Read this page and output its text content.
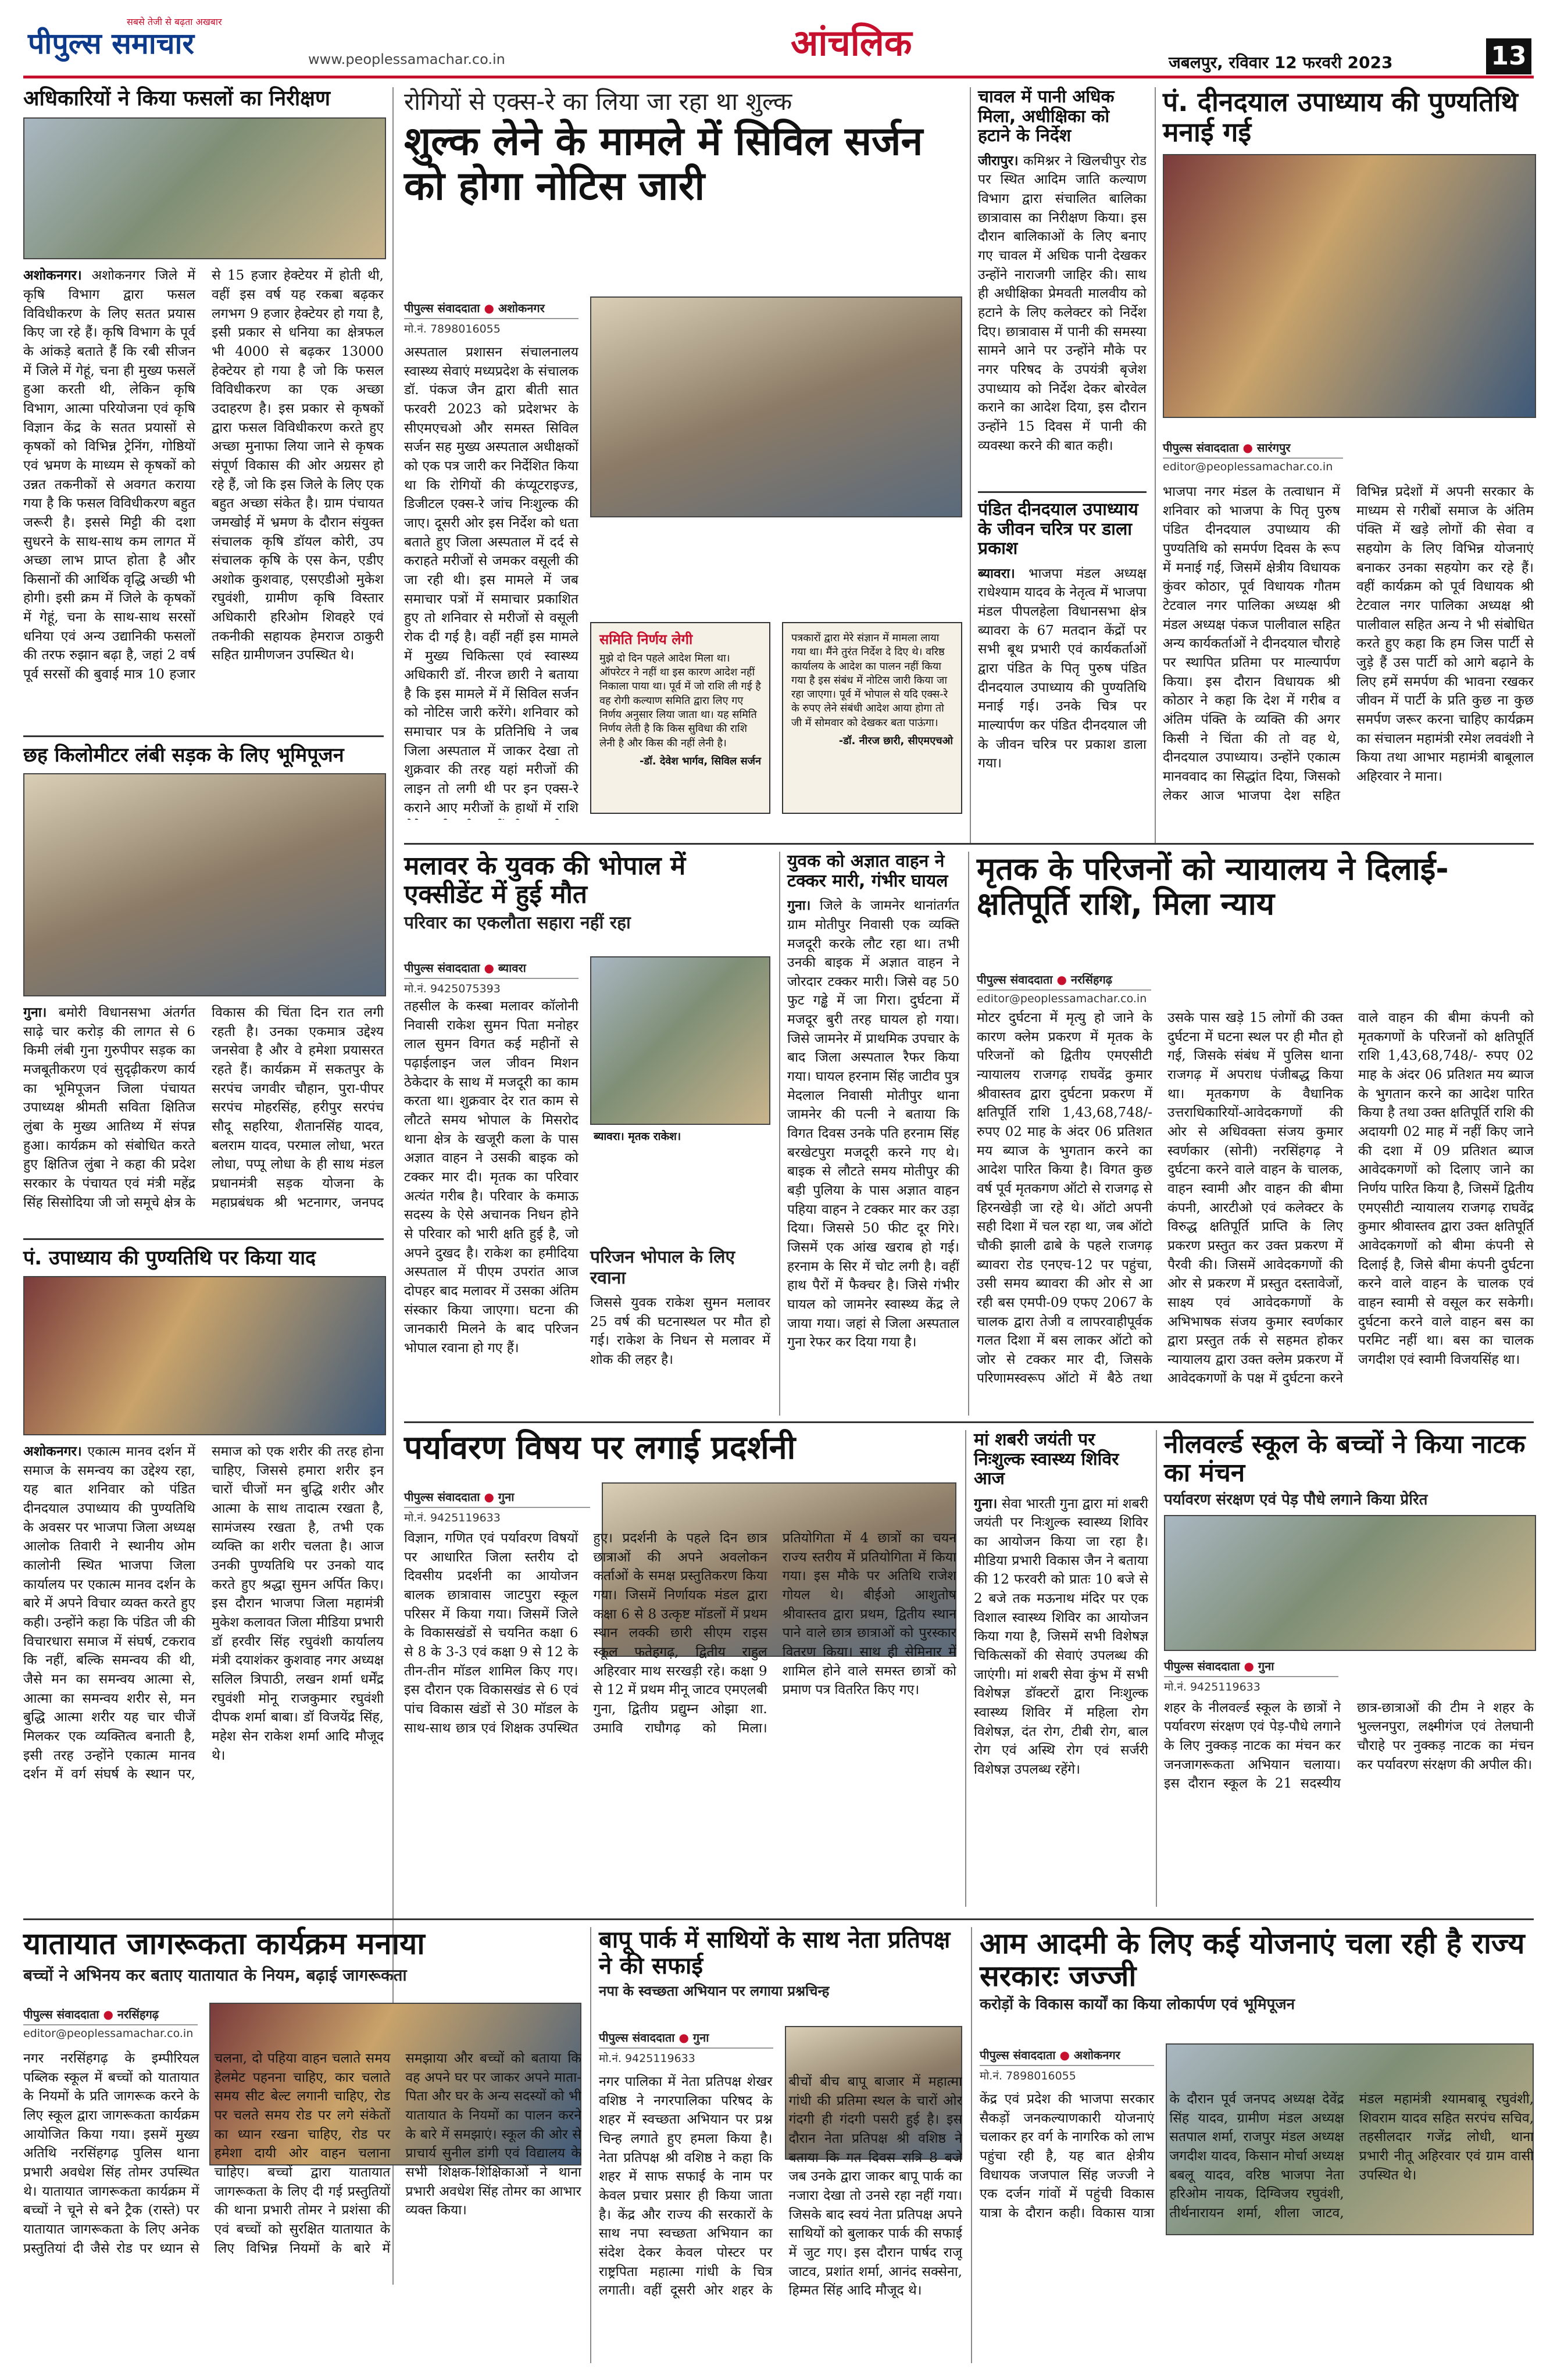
सबसे तेजी से बढ़ता अखबार
पीपुल्स समाचार	www.peoplessamachar.co.in	आंचलिक	जबलपुर, रविवार 12 फरवरी 2023	13
अधिकारियों ने किया फसलों का निरीक्षण
अशोकनगर। अशोकनगर जिले में कृषि विभाग द्वारा फसल विविधीकरण के लिए सतत प्रयास किए जा रहे हैं। कृषि विभाग के पूर्व के आंकड़े बताते हैं कि रबी सीजन में जिले में गेहूं, चना ही मुख्य फसलें हुआ करती थी, लेकिन कृषि विभाग, आत्मा परियोजना एवं कृषि विज्ञान केंद्र के सतत प्रयासों से कृषकों को विभिन्न ट्रेनिंग, गोष्ठियों एवं भ्रमण के माध्यम से कृषकों को उन्नत तकनीकों से अवगत कराया गया है कि फसल विविधीकरण बहुत जरूरी है। इससे मिट्टी की दशा सुधरने के साथ-साथ कम लागत में अच्छा लाभ प्राप्त होता है और किसानों की आर्थिक वृद्धि अच्छी भी होगी। इसी क्रम में जिले के कृषकों में गेहूं, चना के साथ-साथ सरसों धनिया एवं अन्य उद्यानिकी फसलों की तरफ रुझान बढ़ा है, जहां 2 वर्ष पूर्व सरसों की बुवाई मात्र 10 हजार से 15 हजार हेक्टेयर में होती थी, वहीं इस वर्ष यह रकबा बढ़कर लगभग 9 हजार हेक्टेयर हो गया है, इसी प्रकार से धनिया का क्षेत्रफल भी 4000 से बढ़कर 13000 हेक्टेयर हो गया है जो कि फसल विविधीकरण का एक अच्छा उदाहरण है। इस प्रकार से कृषकों द्वारा फसल विविधीकरण करते हुए अच्छा मुनाफा लिया जाने से कृषक संपूर्ण विकास की ओर अग्रसर हो रहे हैं, जो कि इस जिले के लिए एक बहुत अच्छा संकेत है। ग्राम पंचायत जमखोई में भ्रमण के दौरान संयुक्त संचालक कृषि डॉयल कोरी, उप संचालक कृषि के एस केन, एडीए अशोक कुशवाह, एसएडीओ मुकेश रघुवंशी, ग्रामीण कृषि विस्तार अधिकारी हरिओम शिवहरे एवं तकनीकी सहायक हेमराज ठाकुरी सहित ग्रामीणजन उपस्थित थे।
छह किलोमीटर लंबी सड़क के लिए भूमिपूजन
गुना। बमोरी विधानसभा अंतर्गत साढ़े चार करोड़ की लागत से 6 किमी लंबी गुना गुरुपीपर सड़क का मजबूतीकरण एवं सुदृढ़ीकरण कार्य का भूमिपूजन जिला पंचायत उपाध्यक्ष श्रीमती सविता क्षितिज लुंबा के मुख्य आतिथ्य में संपन्न हुआ। कार्यक्रम को संबोधित करते हुए क्षितिज लुंबा ने कहा की प्रदेश सरकार के पंचायत एवं मंत्री महेंद्र सिंह सिसोदिया जी जो समूचे क्षेत्र के विकास की चिंता दिन रात लगी रहती है। उनका एकमात्र उद्देश्य जनसेवा है और वे हमेशा प्रयासरत रहते हैं। कार्यक्रम में सकतपुर के सरपंच जगवीर चौहान, पुरा-पीपर सरपंच मोहरसिंह, हरीपुर सरपंच सौदू सहरिया, शैतानसिंह यादव, बलराम यादव, परमाल लोधा, भरत लोधा, पप्पू लोधा के ही साथ मंडल प्रधानमंत्री सड़क योजना के महाप्रबंधक श्री भटनागर, जनपद
पं. उपाध्याय की पुण्यतिथि पर किया याद
अशोकनगर। एकात्म मानव दर्शन में समाज के समन्वय का उद्देश्य रहा, यह बात शनिवार को पंडित दीनदयाल उपाध्याय की पुण्यतिथि के अवसर पर भाजपा जिला अध्यक्ष आलोक तिवारी ने स्थानीय ओम कालोनी स्थित भाजपा जिला कार्यालय पर एकात्म मानव दर्शन के बारे में अपने विचार व्यक्त करते हुए कही। उन्होंने कहा कि पंडित जी की विचारधारा समाज में संघर्ष, टकराव कि नहीं, बल्कि समन्वय की थी, जैसे मन का समन्वय आत्मा से, आत्मा का समन्वय शरीर से, मन बुद्धि आत्मा शरीर यह चार चीजें मिलकर एक व्यक्तित्व बनाती है, इसी तरह उन्होंने एकात्म मानव दर्शन में वर्ग संघर्ष के स्थान पर, समाज को एक शरीर की तरह होना चाहिए, जिससे हमारा शरीर इन चारों चीजों मन बुद्धि शरीर और आत्मा के साथ तादात्म रखता है, सामंजस्य रखता है, तभी एक व्यक्ति का शरीर चलता है। आज उनकी पुण्यतिथि पर उनको याद करते हुए श्रद्धा सुमन अर्पित किए। इस दौरान भाजपा जिला महामंत्री मुकेश कलावत जिला मीडिया प्रभारी डॉ हरवीर सिंह रघुवंशी कार्यालय मंत्री दयाशंकर कुशवाह नगर अध्यक्ष सलिल त्रिपाठी, लखन शर्मा धर्मेंद्र रघुवंशी मोनू राजकुमार रघुवंशी दीपक शर्मा बाबा। डॉ विजयेंद्र सिंह, महेश सेन राकेश शर्मा आदि मौजूद थे।
रोगियों से एक्स-रे का लिया जा रहा था शुल्क
शुल्क लेने के मामले में सिविल सर्जन को होगा नोटिस जारी
पीपुल्स संवाददाता ● अशोकनगर
मो.नं. 7898016055
अस्पताल प्रशासन संचालनालय स्वास्थ्य सेवाएं मध्यप्रदेश के संचालक डॉ. पंकज जैन द्वारा बीती सात फरवरी 2023 को प्रदेशभर के सीएमएचओ और समस्त सिविल सर्जन सह मुख्य अस्पताल अधीक्षकों को एक पत्र जारी कर निर्देशित किया था कि रोगियों की कंप्यूटराइज्ड, डिजीटल एक्स-रे जांच निःशुल्क की जाए। दूसरी ओर इस निर्देश को धता बताते हुए जिला अस्पताल में दर्द से कराहते मरीजों से जमकर वसूली की जा रही थी। इस मामले में जब समाचार पत्रों में समाचार प्रकाशित हुए तो शनिवार से मरीजों से वसूली रोक दी गई है। वहीं नहीं इस मामले में मुख्य चिकित्सा एवं स्वास्थ्य अधिकारी डॉ. नीरज छारी ने बताया है कि इस मामले में में सिविल सर्जन को नोटिस जारी करेंगे। शनिवार को समाचार पत्र के प्रतिनिधि ने जब जिला अस्पताल में जाकर देखा तो शुक्रवार की तरह यहां मरीजों की लाइन तो लगी थी पर इन एक्स-रे कराने आए मरीजों के हाथों में राशि
समिति निर्णय लेगी
मुझे दो दिन पहले आदेश मिला था। ऑपरेटर ने नहीं था इस कारण आदेश नहीं निकाला पाया था। पूर्व में जो राशि ली गई है वह रोगी कल्याण समिति द्वारा लिए गए निर्णय अनुसार लिया जाता था। यह समिति निर्णय लेती है कि किस सुविधा की राशि लेनी है और किस की नहीं लेनी है।
-डॉ. देवेश भार्गव, सिविल सर्जन
पत्रकारों द्वारा मेरे संज्ञान में मामला लाया गया था। मैंने तुरंत निर्देश दे दिए थे। वरिष्ठ कार्यालय के आदेश का पालन नहीं किया गया है इस संबंध में नोटिस जारी किया जा रहा जाएगा। पूर्व में भोपाल से यदि एक्स-रे के रुपए लेने संबंधी आदेश आया होगा तो जी में सोमवार को देखकर बता पाऊंगा।
-डॉ. नीरज छारी, सीएमएचओ
चावल में पानी अधिक मिला, अधीक्षिका को हटाने के निर्देश
जीरापुर। कमिश्नर ने खिलचीपुर रोड पर स्थित आदिम जाति कल्याण विभाग द्वारा संचालित बालिका छात्रावास का निरीक्षण किया। इस दौरान बालिकाओं के लिए बनाए गए चावल में अधिक पानी देखकर उन्होंने नाराजगी जाहिर की। साथ ही अधीक्षिका प्रेमवती मालवीय को हटाने के लिए कलेक्टर को निर्देश दिए। छात्रावास में पानी की समस्या सामने आने पर उन्होंने मौके पर नगर परिषद के उपयंत्री बृजेश उपाध्याय को निर्देश देकर बोरवेल कराने का आदेश दिया, इस दौरान उन्होंने 15 दिवस में पानी की व्यवस्था करने की बात कही।
पंडित दीनदयाल उपाध्याय के जीवन चरित्र पर डाला प्रकाश
ब्यावरा। भाजपा मंडल अध्यक्ष राधेश्याम यादव के नेतृत्व में भाजपा मंडल पीपलहेला विधानसभा क्षेत्र ब्यावरा के 67 मतदान केंद्रों पर सभी बूथ प्रभारी एवं कार्यकर्ताओं द्वारा पंडित के पितृ पुरुष पंडित दीनदयाल उपाध्याय की पुण्यतिथि मनाई गई। उनके चित्र पर माल्यार्पण कर पंडित दीनदयाल जी के जीवन चरित्र पर प्रकाश डाला गया।
पं. दीनदयाल उपाध्याय की पुण्यतिथि मनाई गई
पीपुल्स संवाददाता ● सारंगपुर
editor@peoplessamachar.co.in
भाजपा नगर मंडल के तत्वाधान में शनिवार को भाजपा के पितृ पुरुष पंडित दीनदयाल उपाध्याय की पुण्यतिथि को समर्पण दिवस के रूप में मनाई गई, जिसमें क्षेत्रीय विधायक कुंवर कोठार, पूर्व विधायक गौतम टेटवाल नगर पालिका अध्यक्ष श्री मंडल अध्यक्ष पंकज पालीवाल सहित अन्य कार्यकर्ताओं ने दीनदयाल चौराहे पर स्थापित प्रतिमा पर माल्यार्पण किया। इस दौरान विधायक श्री कोठार ने कहा कि देश में गरीब व अंतिम पंक्ति के व्यक्ति की अगर किसी ने चिंता की तो वह थे, दीनदयाल उपाध्याय। उन्होंने एकात्म मानववाद का सिद्धांत दिया, जिसको लेकर आज भाजपा देश सहित विभिन्न प्रदेशों में अपनी सरकार के माध्यम से गरीबों समाज के अंतिम पंक्ति में खड़े लोगों की सेवा व सहयोग के लिए विभिन्न योजनाएं बनाकर उनका सहयोग कर रहे हैं। वहीं कार्यक्रम को पूर्व विधायक श्री टेटवाल नगर पालिका अध्यक्ष श्री पालीवाल सहित अन्य ने भी संबोधित करते हुए कहा कि हम जिस पार्टी से जुड़े हैं उस पार्टी को आगे बढ़ाने के लिए हमें समर्पण की भावना रखकर जीवन में पार्टी के प्रति कुछ ना कुछ समर्पण जरूर करना चाहिए कार्यक्रम का संचालन महामंत्री रमेश लववंशी ने किया तथा आभार महामंत्री बाबूलाल अहिरवार ने माना।
मलावर के युवक की भोपाल में एक्सीडेंट में हुई मौत
परिवार का एकलौता सहारा नहीं रहा
पीपुल्स संवाददाता ● ब्यावरा
मो.नं. 9425075393
तहसील के कस्बा मलावर कॉलोनी निवासी राकेश सुमन पिता मनोहर लाल सुमन विगत कई महीनों से पढ़ाईलाइन जल जीवन मिशन ठेकेदार के साथ में मजदूरी का काम करता था। शुक्रवार देर रात काम से लौटते समय भोपाल के मिसरोद थाना क्षेत्र के खजूरी कला के पास अज्ञात वाहन ने उसकी बाइक को टक्कर मार दी। मृतक का परिवार अत्यंत गरीब है। परिवार के कमाऊ सदस्य के ऐसे अचानक निधन होने से परिवार को भारी क्षति हुई है, जो अपने दुखद है। राकेश का हमीदिया अस्पताल में पीएम उपरांत आज दोपहर बाद मलावर में उसका अंतिम संस्कार किया जाएगा। घटना की जानकारी मिलने के बाद परिजन भोपाल रवाना हो गए हैं।
ब्यावरा। मृतक राकेश।
परिजन भोपाल के लिए रवाना
जिससे युवक राकेश सुमन मलावर 25 वर्ष की घटनास्थल पर मौत हो गई। राकेश के निधन से मलावर में शोक की लहर है।
युवक को अज्ञात वाहन ने टक्कर मारी, गंभीर घायल
गुना। जिले के जामनेर थानांतर्गत ग्राम मोतीपुर निवासी एक व्यक्ति मजदूरी करके लौट रहा था। तभी उनकी बाइक में अज्ञात वाहन ने जोरदार टक्कर मारी। जिसे वह 50 फुट गड्ढे में जा गिरा। दुर्घटना में मजदूर बुरी तरह घायल हो गया। जिसे जामनेर में प्राथमिक उपचार के बाद जिला अस्पताल रैफर किया गया। घायल हरनाम सिंह जाटीव पुत्र मेदलाल निवासी मोतीपुर थाना जामनेर की पत्नी ने बताया कि विगत दिवस उनके पति हरनाम सिंह बरखेटपुरा मजदूरी करने गए थे। बाइक से लौटते समय मोतीपुर की बड़ी पुलिया के पास अज्ञात वाहन पहिया वाहन ने टक्कर मार कर उड़ा दिया। जिससे 50 फीट दूर गिरे। जिसमें एक आंख खराब हो गई। हरनाम के सिर में चोट लगी है। वहीं हाथ पैरों में फैक्चर है। जिसे गंभीर घायल को जामनेर स्वास्थ्य केंद्र ले जाया गया। जहां से जिला अस्पताल गुना रेफर कर दिया गया है।
मृतक के परिजनों को न्यायालय ने दिलाई-क्षतिपूर्ति राशि, मिला न्याय
पीपुल्स संवाददाता ● नरसिंहगढ़
editor@peoplessamachar.co.in
मोटर दुर्घटना में मृत्यु हो जाने के कारण क्लेम प्रकरण में मृतक के परिजनों को द्वितीय एमएसीटी न्यायालय राजगढ़ राघवेंद्र कुमार श्रीवास्तव द्वारा दुर्घटना प्रकरण में क्षतिपूर्ति राशि 1,43,68,748/- रुपए 02 माह के अंदर 06 प्रतिशत मय ब्याज के भुगतान करने का आदेश पारित किया है। विगत कुछ वर्ष पूर्व मृतकगण ऑटो से राजगढ़ से हिरनखेड़ी जा रहे थे। ऑटो अपनी सही दिशा में चल रहा था, जब ऑटो चौकी झाली ढाबे के पहले राजगढ़ ब्यावरा रोड एनएच-12 पर पहुंचा, उसी समय ब्यावरा की ओर से आ रही बस एमपी-09 एफए 2067 के चालक द्वारा तेजी व लापरवाहीपूर्वक गलत दिशा में बस लाकर ऑटो को जोर से टक्कर मार दी, जिसके परिणामस्वरूप ऑटो में बैठे तथा उसके पास खड़े 15 लोगों की उक्त दुर्घटना में घटना स्थल पर ही मौत हो गई, जिसके संबंध में पुलिस थाना राजगढ़ में अपराध पंजीबद्ध किया था। मृतकगण के वैधानिक उत्तराधिकारियों-आवेदकगणों की ओर से अधिवक्ता संजय कुमार स्वर्णकार (सोनी) नरसिंहगढ़ ने दुर्घटना करने वाले वाहन के चालक, वाहन स्वामी और वाहन की बीमा कंपनी, आरटीओ एवं कलेक्टर के विरुद्ध क्षतिपूर्ति प्राप्ति के लिए प्रकरण प्रस्तुत कर उक्त प्रकरण में पैरवी की। जिसमें आवेदकगणों की ओर से प्रकरण में प्रस्तुत दस्तावेजों, साक्ष्य एवं आवेदकगणों के अभिभाषक संजय कुमार स्वर्णकार द्वारा प्रस्तुत तर्क से सहमत होकर न्यायालय द्वारा उक्त क्लेम प्रकरण में आवेदकगणों के पक्ष में दुर्घटना करने वाले वाहन की बीमा कंपनी को मृतकगणों के परिजनों को क्षतिपूर्ति राशि 1,43,68,748/- रुपए 02 माह के अंदर 06 प्रतिशत मय ब्याज के भुगतान करने का आदेश पारित किया है तथा उक्त क्षतिपूर्ति राशि की अदायगी 02 माह में नहीं किए जाने की दशा में 09 प्रतिशत ब्याज आवेदकगणों को दिलाए जाने का निर्णय पारित किया है, जिसमें द्वितीय एमएसीटी न्यायालय राजगढ़ राघवेंद्र कुमार श्रीवास्तव द्वारा उक्त क्षतिपूर्ति आवेदकगणों को बीमा कंपनी से दिलाई है, जिसे बीमा कंपनी दुर्घटना करने वाले वाहन के चालक एवं वाहन स्वामी से वसूल कर सकेगी। दुर्घटना करने वाले वाहन बस का परमिट नहीं था। बस का चालक जगदीश एवं स्वामी विजयसिंह था।
पर्यावरण विषय पर लगाई प्रदर्शनी
पीपुल्स संवाददाता ● गुना
मो.नं. 9425119633
विज्ञान, गणित एवं पर्यावरण विषयों पर आधारित जिला स्तरीय दो दिवसीय प्रदर्शनी का आयोजन बालक छात्रावास जाटपुरा स्कूल परिसर में किया गया। जिसमें जिले के विकासखंडों से चयनित कक्षा 6 से 8 के 3-3 एवं कक्षा 9 से 12 के तीन-तीन मॉडल शामिल किए गए। इस दौरान एक विकासखंड से 6 एवं पांच विकास खंडों से 30 मॉडल के साथ-साथ छात्र एवं शिक्षक उपस्थित हुए। प्रदर्शनी के पहले दिन छात्र छात्राओं की अपने अवलोकन कर्ताओं के समक्ष प्रस्तुतिकरण किया गया। जिसमें निर्णायक मंडल द्वारा कक्षा 6 से 8 उत्कृष्ट मॉडलों में प्रथम स्थान लक्की छारी सीएम राइस स्कूल फतेहगढ़, द्वितीय राहुल अहिरवार माथ सरखड़ी रहे। कक्षा 9 से 12 में प्रथम मीनू जाटव एमएलबी गुना, द्वितीय प्रद्युम्न ओझा शा. उमावि राघौगढ़ को मिला। प्रतियोगिता में 4 छात्रों का चयन राज्य स्तरीय में प्रतियोगिता में किया गया। इस मौके पर अतिथि राजेश गोयल थे। बीईओ आशुतोष श्रीवास्तव द्वारा प्रथम, द्वितीय स्थान पाने वाले छात्र छात्राओं को पुरस्कार वितरण किया। साथ ही सेमिनार में शामिल होने वाले समस्त छात्रों को प्रमाण पत्र वितरित किए गए।
मां शबरी जयंती पर निःशुल्क स्वास्थ्य शिविर आज
गुना। सेवा भारती गुना द्वारा मां शबरी जयंती पर निःशुल्क स्वास्थ्य शिविर का आयोजन किया जा रहा है। मीडिया प्रभारी विकास जैन ने बताया की 12 फरवरी को प्रातः 10 बजे से 2 बजे तक मऊनाथ मंदिर पर एक विशाल स्वास्थ्य शिविर का आयोजन किया गया है, जिसमें सभी विशेषज्ञ चिकित्सकों की सेवाएं उपलब्ध की जाएंगी। मां शबरी सेवा कुंभ में सभी विशेषज्ञ डॉक्टरों द्वारा निःशुल्क स्वास्थ्य शिविर में महिला रोग विशेषज्ञ, दंत रोग, टीबी रोग, बाल रोग एवं अस्थि रोग एवं सर्जरी विशेषज्ञ उपलब्ध रहेंगे।
नीलवर्ल्ड स्कूल के बच्चों ने किया नाटक का मंचन
पर्यावरण संरक्षण एवं पेड़ पौधे लगाने किया प्रेरित
पीपुल्स संवाददाता ● गुना
मो.नं. 9425119633
शहर के नीलवर्ल्ड स्कूल के छात्रों ने पर्यावरण संरक्षण एवं पेड़-पौधे लगाने के लिए नुक्कड़ नाटक का मंचन कर जनजागरूकता अभियान चलाया। इस दौरान स्कूल के 21 सदस्यीय छात्र-छात्राओं की टीम ने शहर के भुल्लनपुरा, लक्ष्मीगंज एवं तेलघानी चौराहे पर नुक्कड़ नाटक का मंचन कर पर्यावरण संरक्षण की अपील की।
यातायात जागरूकता कार्यक्रम मनाया
बच्चों ने अभिनय कर बताए यातायात के नियम, बढ़ाई जागरूकता
पीपुल्स संवाददाता ● नरसिंहगढ़
editor@peoplessamachar.co.in
नगर नरसिंहगढ़ के इम्पीरियल पब्लिक स्कूल में बच्चों को यातायात के नियमों के प्रति जागरूक करने के लिए स्कूल द्वारा जागरूकता कार्यक्रम आयोजित किया गया। इसमें मुख्य अतिथि नरसिंहगढ़ पुलिस थाना प्रभारी अवधेश सिंह तोमर उपस्थित थे। यातायात जागरूकता कार्यक्रम में बच्चों ने चूने से बने ट्रैक (रास्ते) पर यातायात जागरूकता के लिए अनेक प्रस्तुतियां दी जैसे रोड पर ध्यान से चलना, दो पहिया वाहन चलाते समय हेलमेट पहनना चाहिए, कार चलाते समय सीट बेल्ट लगानी चाहिए, रोड पर चलते समय रोड पर लगे संकेतों का ध्यान रखना चाहिए, रोड पर हमेशा दायी ओर वाहन चलाना चाहिए। बच्चों द्वारा यातायात जागरूकता के लिए दी गई प्रस्तुतियों की थाना प्रभारी तोमर ने प्रशंसा की एवं बच्चों को सुरक्षित यातायात के लिए विभिन्न नियमों के बारे में समझाया और बच्चों को बताया कि वह अपने घर पर जाकर अपने माता-पिता और घर के अन्य सदस्यों को भी यातायात के नियमों का पालन करने के बारे में समझाएं। स्कूल की ओर से प्राचार्य सुनील डांगी एवं विद्यालय के सभी शिक्षक-शिक्षिकाओं ने थाना प्रभारी अवधेश सिंह तोमर का आभार व्यक्त किया।
बापू पार्क में साथियों के साथ नेता प्रतिपक्ष ने की सफाई
नपा के स्वच्छता अभियान पर लगाया प्रश्नचिन्ह
पीपुल्स संवाददाता ● गुना
मो.नं. 9425119633
नगर पालिका में नेता प्रतिपक्ष शेखर वशिष्ठ ने नगरपालिका परिषद के शहर में स्वच्छता अभियान पर प्रश्न चिन्ह लगाते हुए हमला किया है। नेता प्रतिपक्ष श्री वशिष्ठ ने कहा कि शहर में साफ सफाई के नाम पर केवल प्रचार प्रसार ही किया जाता है। केंद्र और राज्य की सरकारों के साथ नपा स्वच्छता अभियान का संदेश देकर केवल पोस्टर पर राष्ट्रपिता महात्मा गांधी के चित्र लगाती। वहीं दूसरी ओर शहर के बीचों बीच बापू बाजार में महात्मा गांधी की प्रतिमा स्थल के चारों ओर गंदगी ही गंदगी पसरी हुई है। इस दौरान नेता प्रतिपक्ष श्री वशिष्ठ ने बताया कि गत दिवस रात्रि 8 बजे जब उनके द्वारा जाकर बापू पार्क का नजारा देखा तो उनसे रहा नहीं गया। जिसके बाद स्वयं नेता प्रतिपक्ष अपने साथियों को बुलाकर पार्क की सफाई में जुट गए। इस दौरान पार्षद राजू जाटव, प्रशांत शर्मा, आनंद सक्सेना, हिम्मत सिंह आदि मौजूद थे।
आम आदमी के लिए कई योजनाएं चला रही है राज्य सरकारः जज्जी
करोड़ों के विकास कार्यों का किया लोकार्पण एवं भूमिपूजन
पीपुल्स संवाददाता ● अशोकनगर
मो.नं. 7898016055
केंद्र एवं प्रदेश की भाजपा सरकार सैकड़ों जनकल्याणकारी योजनाएं चलाकर हर वर्ग के नागरिक को लाभ पहुंचा रही है, यह बात क्षेत्रीय विधायक जजपाल सिंह जज्जी ने एक दर्जन गांवों में पहुंची विकास यात्रा के दौरान कही। विकास यात्रा के दौरान पूर्व जनपद अध्यक्ष देवेंद्र सिंह यादव, ग्रामीण मंडल अध्यक्ष सतपाल शर्मा, राजपुर मंडल अध्यक्ष जगदीश यादव, किसान मोर्चा अध्यक्ष बबलू यादव, वरिष्ठ भाजपा नेता हरिओम नायक, दिग्विजय रघुवंशी, तीर्थनारायन शर्मा, शीला जाटव, मंडल महामंत्री श्यामबाबू रघुवंशी, शिवराम यादव सहित सरपंच सचिव, तहसीलदार गजेंद्र लोधी, थाना प्रभारी नीतू अहिरवार एवं ग्राम वासी उपस्थित थे।
